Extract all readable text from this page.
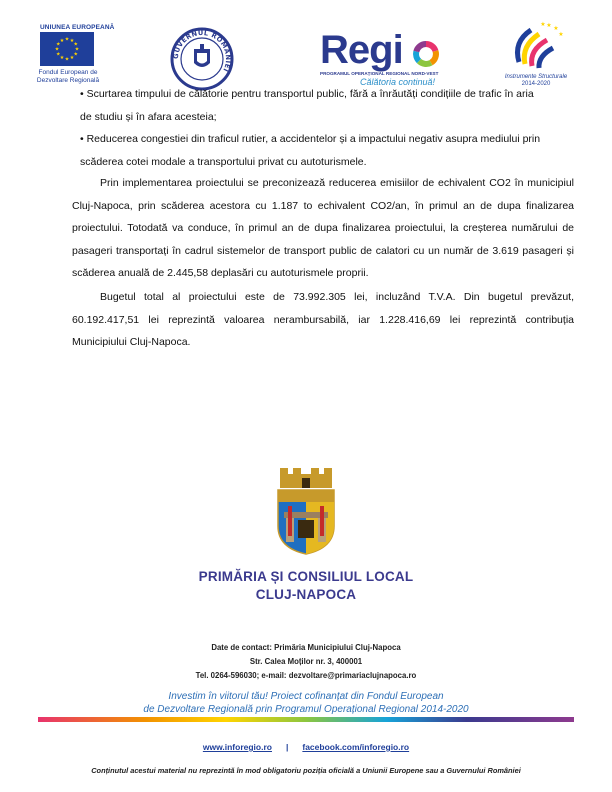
UNIUNEA EUROPEANĂ
★ ★
★
★
★
★
★
★
★
★
★
★
Fondul European de Dezvoltare Regională
GUVERNUL ROMÂNIEI Regi
PROGRAMUL OPERAȚIONAL REGIONAL NORD-VEST
Călătoria continuă!
★ ★
★
★
Instrumente Structurale
2014-2020
• Scurtarea timpului de călătorie pentru transportul public, fără a înrăutăți condițiile de trafic în aria
de studiu și în afara acesteia;
• Reducerea congestiei din traficul rutier, a accidentelor și a impactului negativ asupra mediului prin
scăderea cotei modale a transportului privat cu autoturismele.
Prin implementarea proiectului se preconizează reducerea emisiilor de echivalent CO2 în municipiul Cluj-Napoca, prin scăderea acestora cu 1.187 to echivalent CO2/an, în primul an de dupa finalizarea proiectului. Totodată va conduce, în primul an de dupa finalizarea proiectului, la creșterea numărului de pasageri transportați în cadrul sistemelor de transport public de calatori cu un număr de 3.619 pasageri și scăderea anuală de 2.445,58 deplasări cu autoturismele proprii.
Bugetul total al proiectului este de 73.992.305 lei, incluzând T.V.A. Din bugetul prevăzut, 60.192.417,51 lei reprezintă valoarea nerambursabilă, iar 1.228.416,69 lei reprezintă contribuția Municipiului Cluj-Napoca.
PRIMĂRIA ȘI CONSILIUL LOCAL
CLUJ-NAPOCA
Date de contact: Primăria Municipiului Cluj-Napoca
Str. Calea Moților nr. 3, 400001
Tel. 0264-596030; e-mail: dezvoltare@primariaclujnapoca.ro
Investim în viitorul tău! Proiect cofinanțat din Fondul European
de Dezvoltare Regională prin Programul Operațional Regional 2014-2020
www.inforegio.ro | facebook.com/inforegio.ro
Conținutul acestui material nu reprezintă în mod obligatoriu poziția oficială a Uniunii Europene sau a Guvernului României
